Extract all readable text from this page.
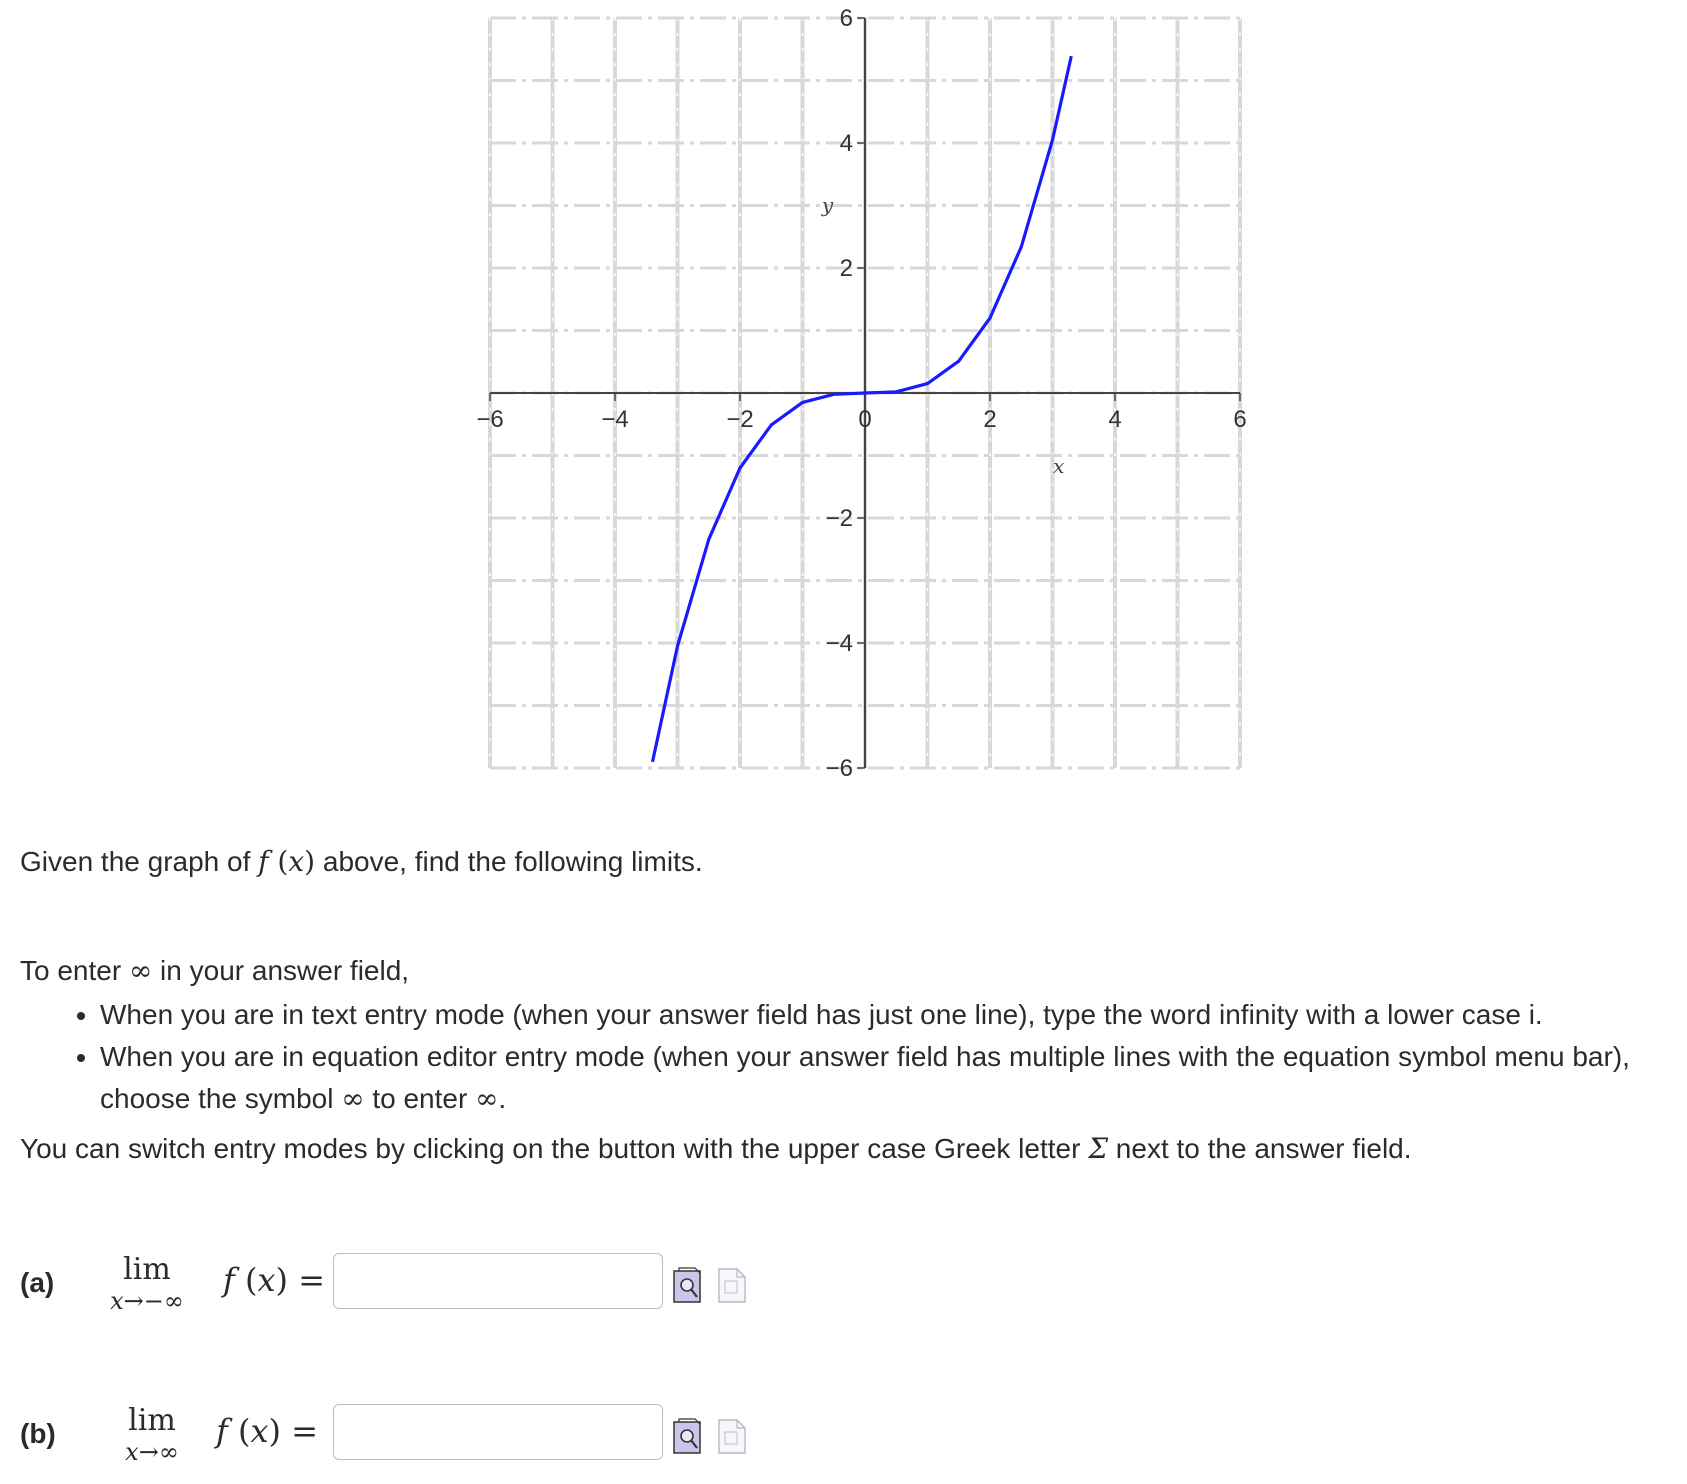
−6	−4	−2	0	2	4	6
6
4
2
−2
−4
−6
x
y
Given the graph of f (x) above, find the following limits.

To enter ∞ in your answer field,

• When you are in text entry mode (when your answer field has just one line), type the word infinity with a lower case i.
• When you are in equation editor entry mode (when your answer field has multiple lines with the equation symbol menu bar), choose the symbol ∞ to enter ∞.

You can switch entry modes by clicking on the button with the upper case Greek letter Σ next to the answer field.

(a)	lim
x→−∞
f (x) =
(b)	lim
x→∞
f (x) =
